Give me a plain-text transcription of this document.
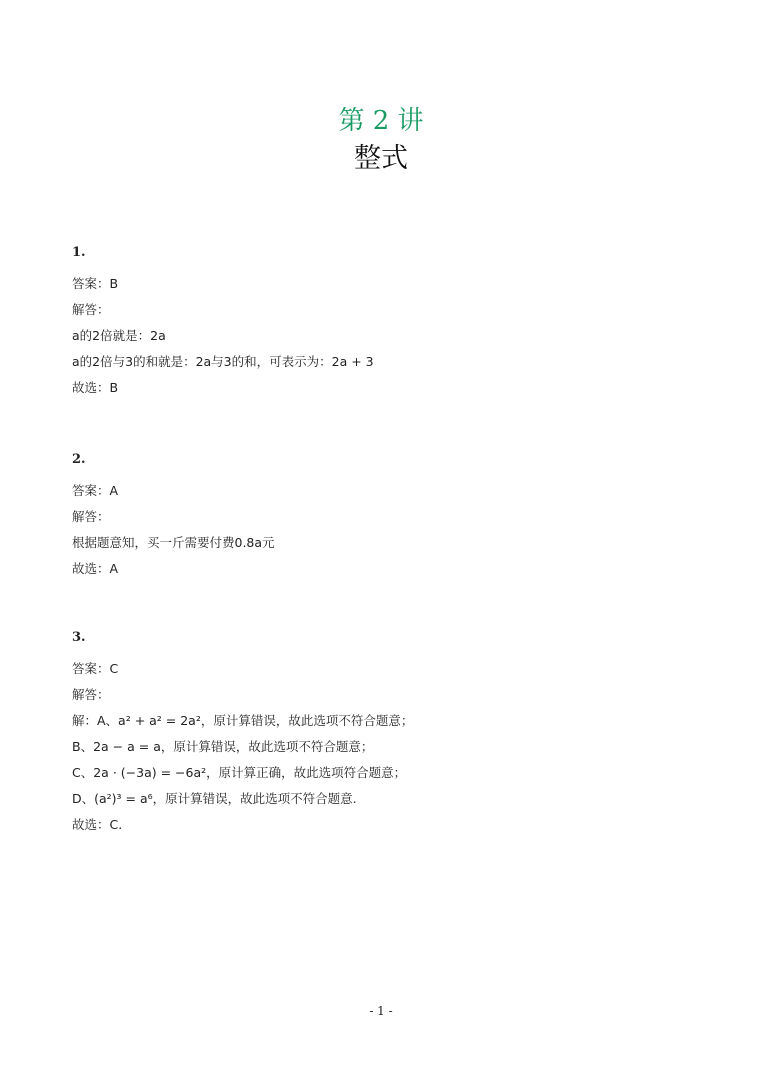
第 2 讲
整式
1.
答案：B
解答：
a的2倍就是：2a
a的2倍与3的和就是：2a与3的和，可表示为：2a + 3
故选：B
2.
答案：A
解答：
根据题意知，买一斤需要付费0.8a元
故选：A
3.
答案：C
解答：
解：A、a² + a² = 2a²，原计算错误，故此选项不符合题意；
B、2a − a = a，原计算错误，故此选项不符合题意；
C、2a · (−3a) = −6a²，原计算正确，故此选项符合题意；
D、(a²)³ = a⁶，原计算错误，故此选项不符合题意.
故选：C.
- 1 -
